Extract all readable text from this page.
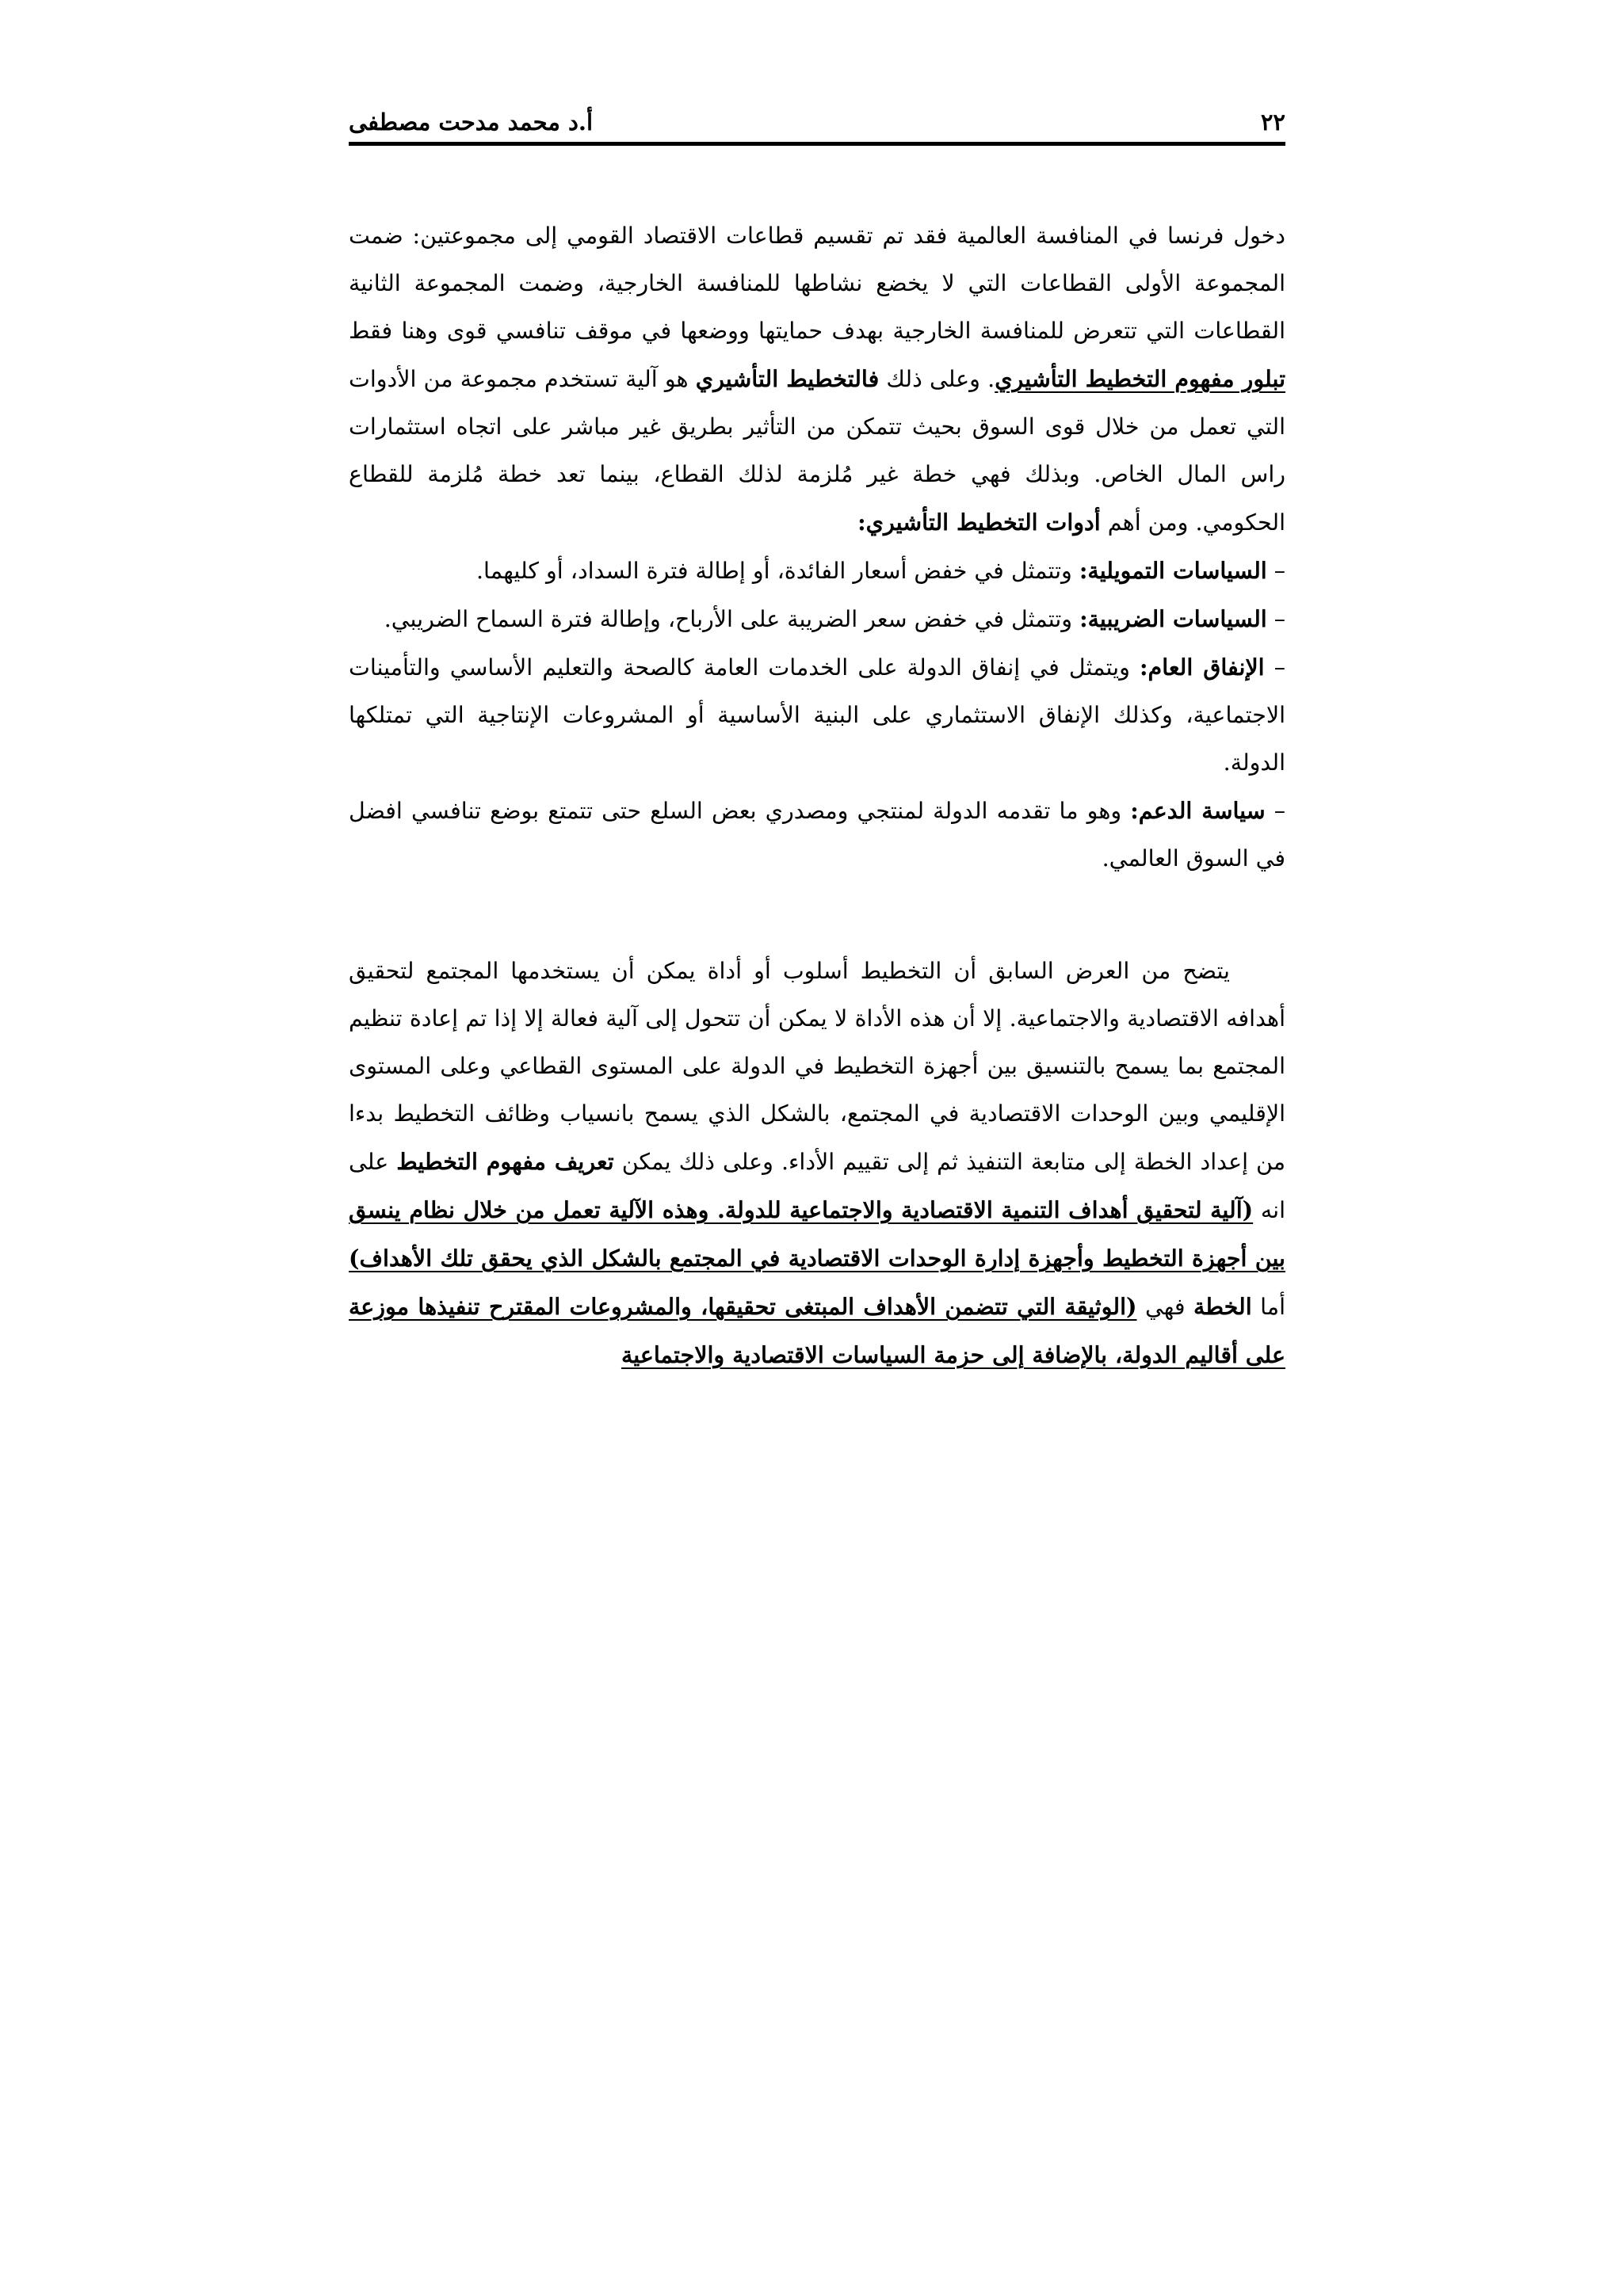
٢٢
أ.د محمد مدحت مصطفى

دخول فرنسا في المنافسة العالمية فقد تم تقسيم قطاعات الاقتصاد القومي إلى مجموعتين: ضمت المجموعة الأولى القطاعات التي لا يخضع نشاطها للمنافسة الخارجية، وضمت المجموعة الثانية القطاعات التي تتعرض للمنافسة الخارجية بهدف حمايتها ووضعها في موقف تنافسي قوى وهنا فقط تبلور مفهوم التخطيط التأشيري. وعلى ذلك فالتخطيط التأشيري هو آلية تستخدم مجموعة من الأدوات التي تعمل من خلال قوى السوق بحيث تتمكن من التأثير بطريق غير مباشر على اتجاه استثمارات راس المال الخاص. وبذلك فهي خطة غير مُلزمة لذلك القطاع، بينما تعد خطة مُلزمة للقطاع الحكومي. ومن أهم أدوات التخطيط التأشيري:

– السياسات التمويلية: وتتمثل في خفض أسعار الفائدة، أو إطالة فترة السداد، أو كليهما.

– السياسات الضريبية: وتتمثل في خفض سعر الضريبة على الأرباح، وإطالة فترة السماح الضريبي.

– الإنفاق العام: ويتمثل في إنفاق الدولة على الخدمات العامة كالصحة والتعليم الأساسي والتأمينات الاجتماعية، وكذلك الإنفاق الاستثماري على البنية الأساسية أو المشروعات الإنتاجية التي تمتلكها الدولة.

– سياسة الدعم: وهو ما تقدمه الدولة لمنتجي ومصدري بعض السلع حتى تتمتع بوضع تنافسي افضل في السوق العالمي.

يتضح من العرض السابق أن التخطيط أسلوب أو أداة يمكن أن يستخدمها المجتمع لتحقيق أهدافه الاقتصادية والاجتماعية. إلا أن هذه الأداة لا يمكن أن تتحول إلى آلية فعالة إلا إذا تم إعادة تنظيم المجتمع بما يسمح بالتنسيق بين أجهزة التخطيط في الدولة على المستوى القطاعي وعلى المستوى الإقليمي وبين الوحدات الاقتصادية في المجتمع، بالشكل الذي يسمح بانسياب وظائف التخطيط بدءا من إعداد الخطة إلى متابعة التنفيذ ثم إلى تقييم الأداء. وعلى ذلك يمكن تعريف مفهوم التخطيط على انه (آلية لتحقيق أهداف التنمية الاقتصادية والاجتماعية للدولة. وهذه الآلية تعمل من خلال نظام ينسق بين أجهزة التخطيط وأجهزة إدارة الوحدات الاقتصادية في المجتمع بالشكل الذي يحقق تلك الأهداف) أما الخطة فهي (الوثيقة التي تتضمن الأهداف المبتغى تحقيقها، والمشروعات المقترح تنفيذها موزعة على أقاليم الدولة، بالإضافة إلى حزمة السياسات الاقتصادية والاجتماعية
